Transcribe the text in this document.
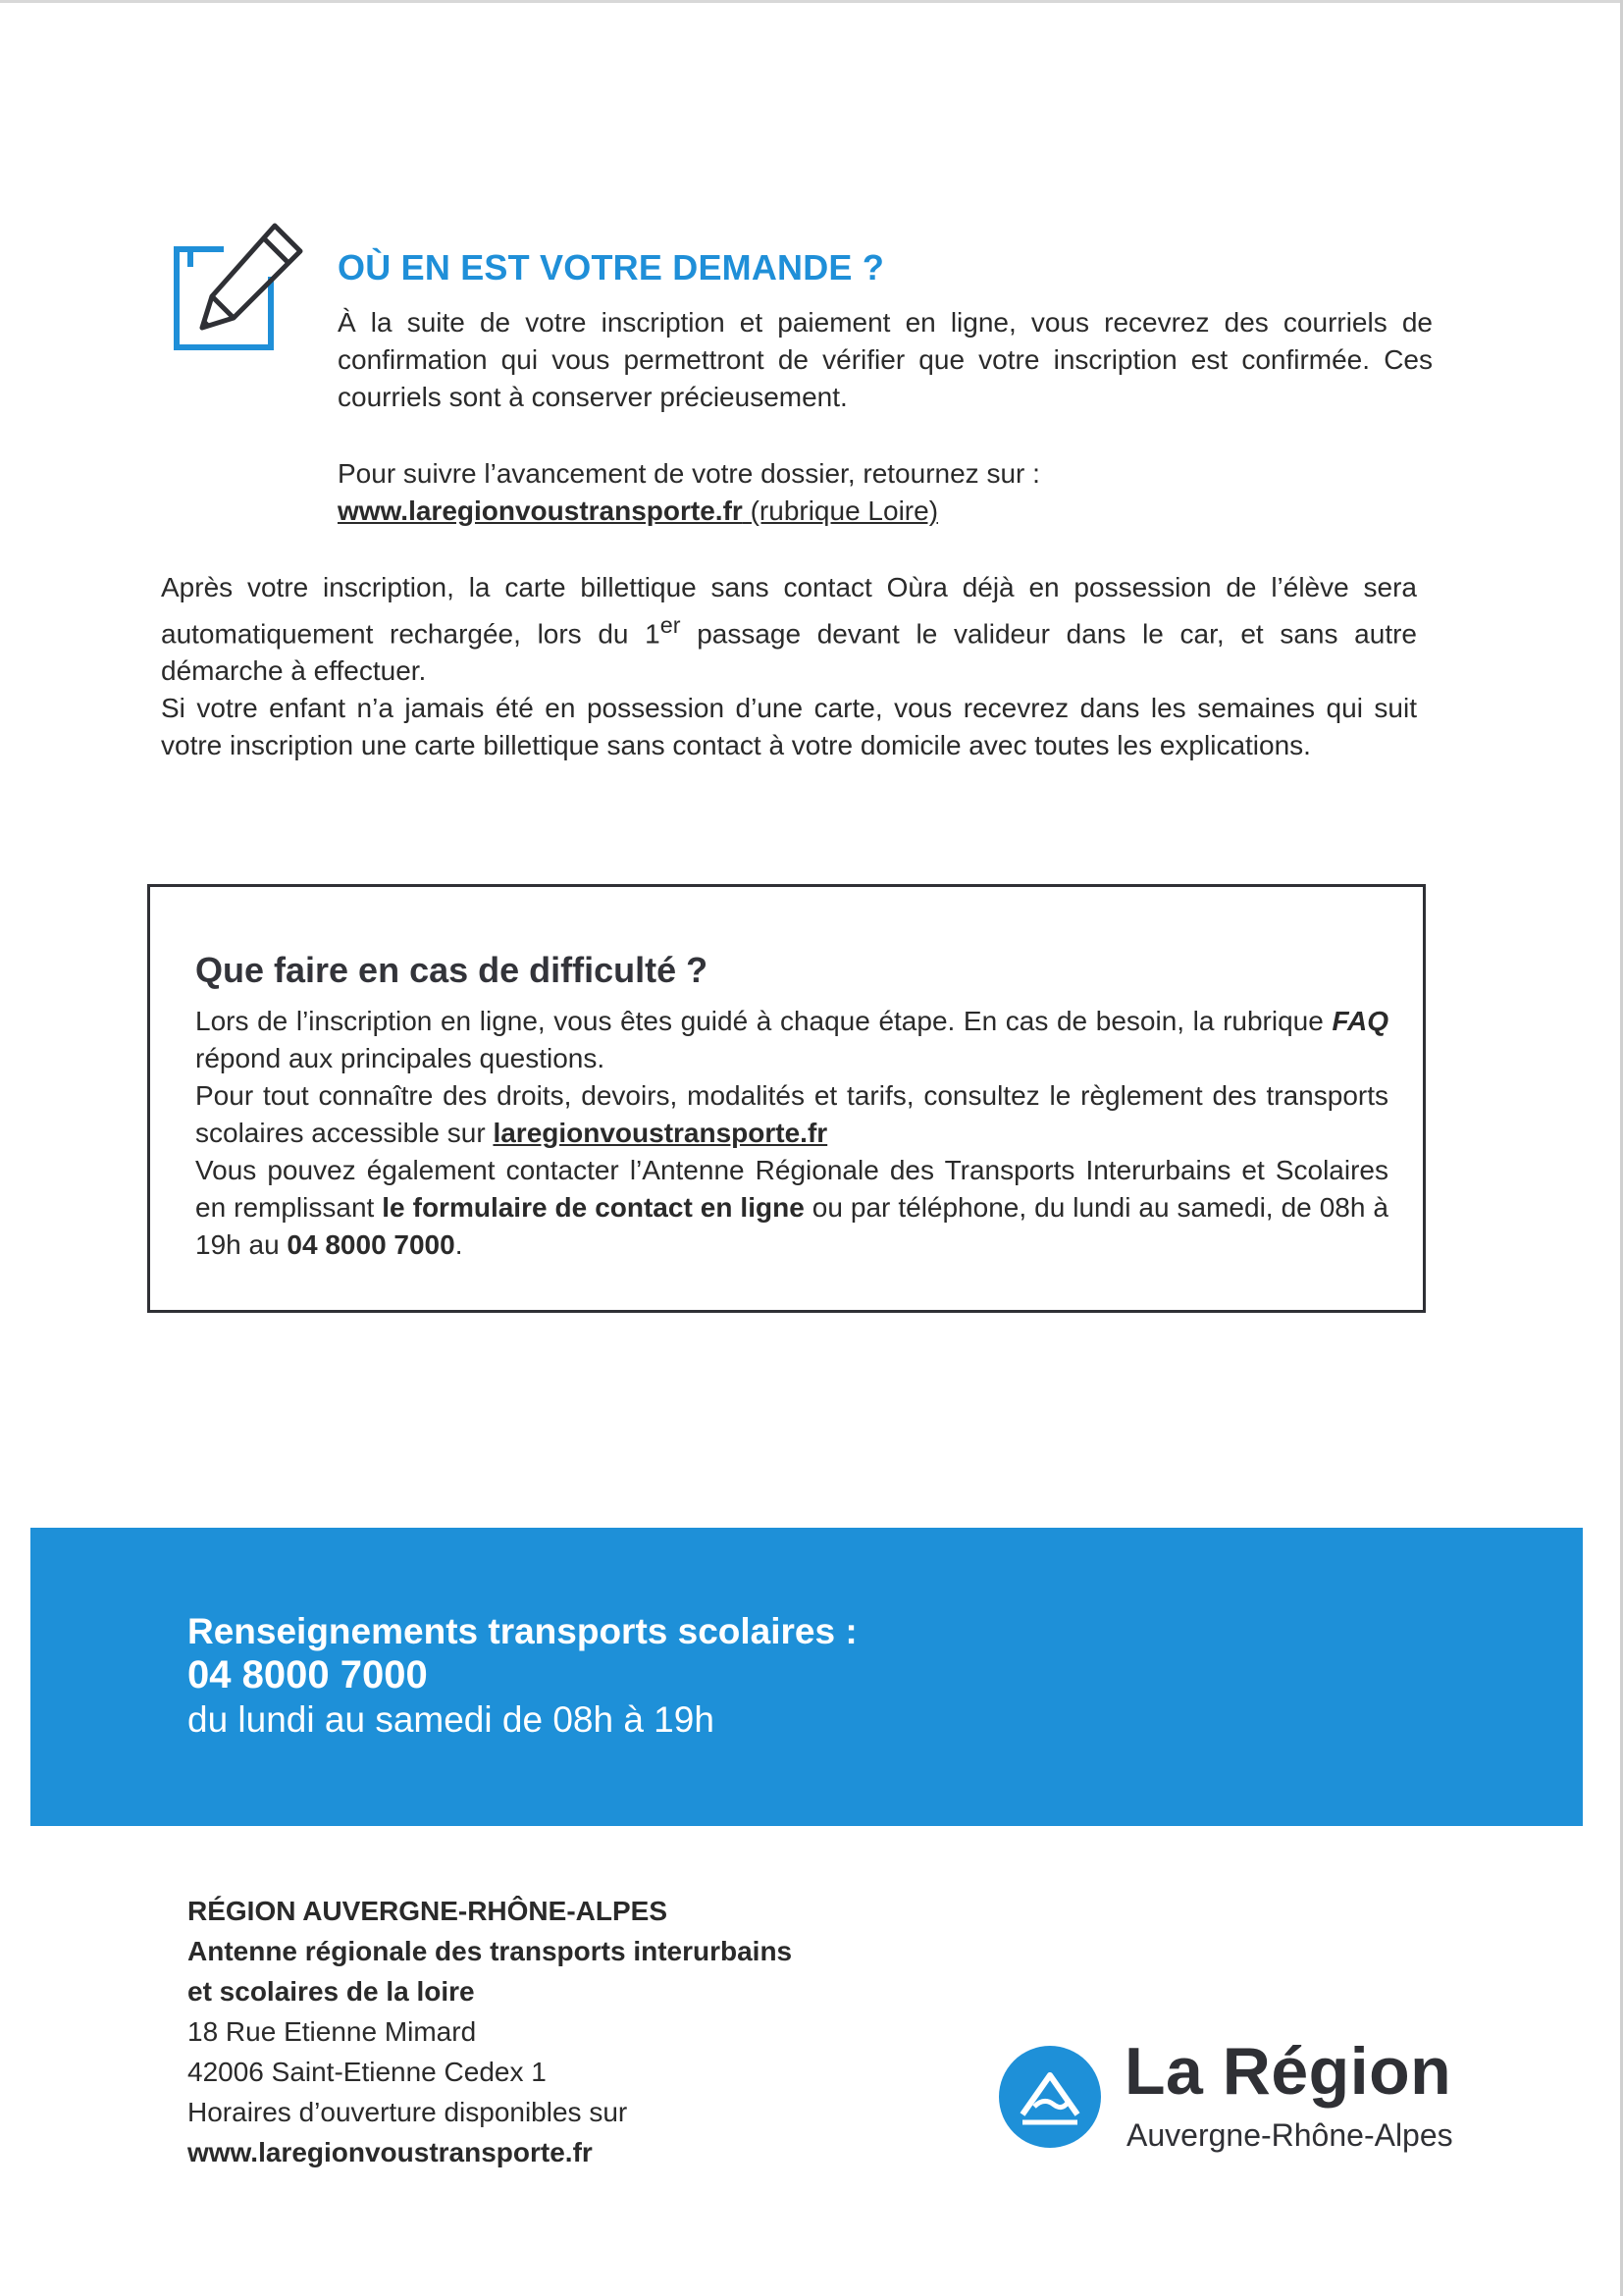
OÙ EN EST VOTRE DEMANDE ?

À la suite de votre inscription et paiement en ligne, vous recevrez des courriels de confirmation qui vous permettront de vérifier que votre inscription est confirmée. Ces courriels sont à conserver précieusement.

Pour suivre l’avancement de votre dossier, retournez sur :
www.laregionvoustransporte.fr (rubrique Loire)

Après votre inscription, la carte billettique sans contact Oùra déjà en possession de l’élève sera automatiquement rechargée, lors du 1er passage devant le valideur dans le car, et sans autre démarche à effectuer.

Si votre enfant n’a jamais été en possession d’une carte, vous recevrez dans les semaines qui suit votre inscription une carte billettique sans contact à votre domicile avec toutes les explications.

Que faire en cas de difficulté ?

Lors de l’inscription en ligne, vous êtes guidé à chaque étape. En cas de besoin, la rubrique FAQ répond aux principales questions.

Pour tout connaître des droits, devoirs, modalités et tarifs, consultez le règlement des transports scolaires accessible sur laregionvoustransporte.fr

Vous pouvez également contacter l’Antenne Régionale des Transports Interurbains et Scolaires en remplissant le formulaire de contact en ligne ou par téléphone, du lundi au samedi, de 08h à 19h au 04 8000 7000.

Renseignements transports scolaires :

04 8000 7000

du lundi au samedi de 08h à 19h

RÉGION AUVERGNE-RHÔNE-ALPES
Antenne régionale des transports interurbains
et scolaires de la loire
18 Rue Etienne Mimard
42006 Saint-Etienne Cedex 1
Horaires d’ouverture disponibles sur
www.laregionvoustransporte.fr

La Région

Auvergne-Rhône-Alpes
